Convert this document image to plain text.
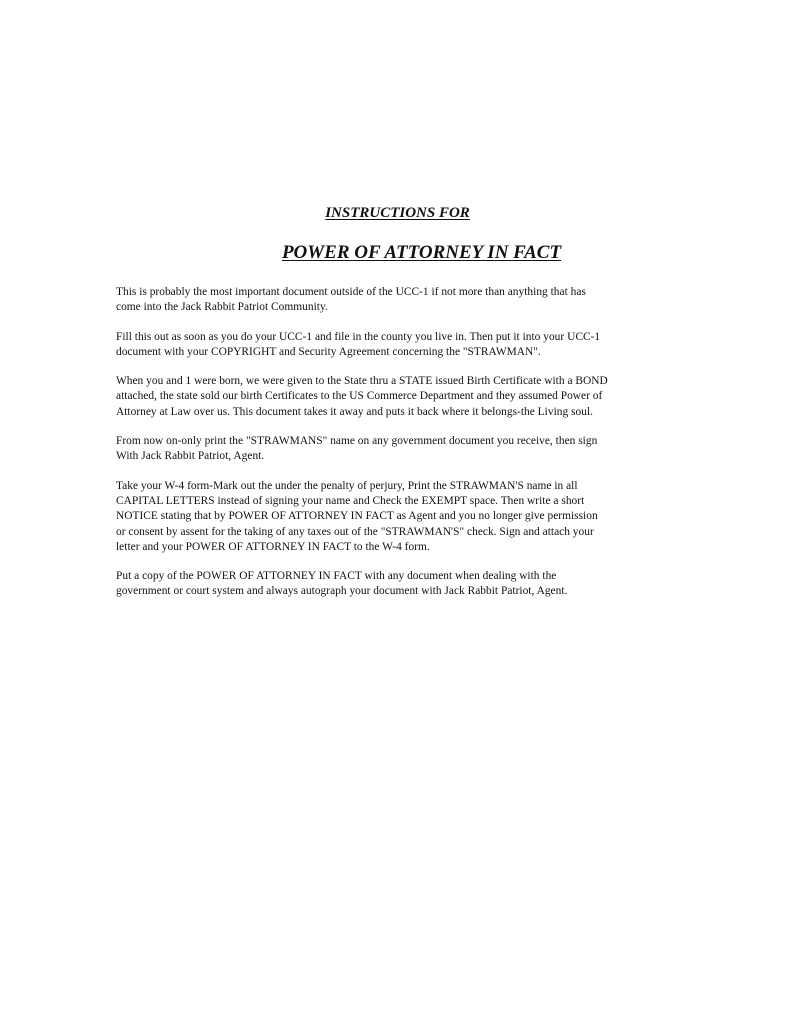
INSTRUCTIONS FOR
POWER OF ATTORNEY IN FACT

This is probably the most important document outside of the UCC-1 if not more than anything that has
come into the Jack Rabbit Patriot Community.

Fill this out as soon as you do your UCC-1 and file in the county you live in. Then put it into your UCC-1
document with your COPYRIGHT and Security Agreement concerning the "STRAWMAN".

When you and 1 were born, we were given to the State thru a STATE issued Birth Certificate with a BOND
attached, the state sold our birth Certificates to the US Commerce Department and they assumed Power of
Attorney at Law over us. This document takes it away and puts it back where it belongs-the Living soul.

From now on-only print the "STRAWMANS" name on any government document you receive, then sign
With Jack Rabbit Patriot, Agent.

Take your W-4 form-Mark out the under the penalty of perjury, Print the STRAWMAN'S name in all
CAPITAL LETTERS instead of signing your name and Check the EXEMPT space. Then write a short
NOTICE stating that by POWER OF ATTORNEY IN FACT as Agent and you no longer give permission
or consent by assent for the taking of any taxes out of the "STRAWMAN'S" check. Sign and attach your
letter and your POWER OF ATTORNEY IN FACT to the W-4 form.

Put a copy of the POWER OF ATTORNEY IN FACT with any document when dealing with the
government or court system and always autograph your document with Jack Rabbit Patriot, Agent.
